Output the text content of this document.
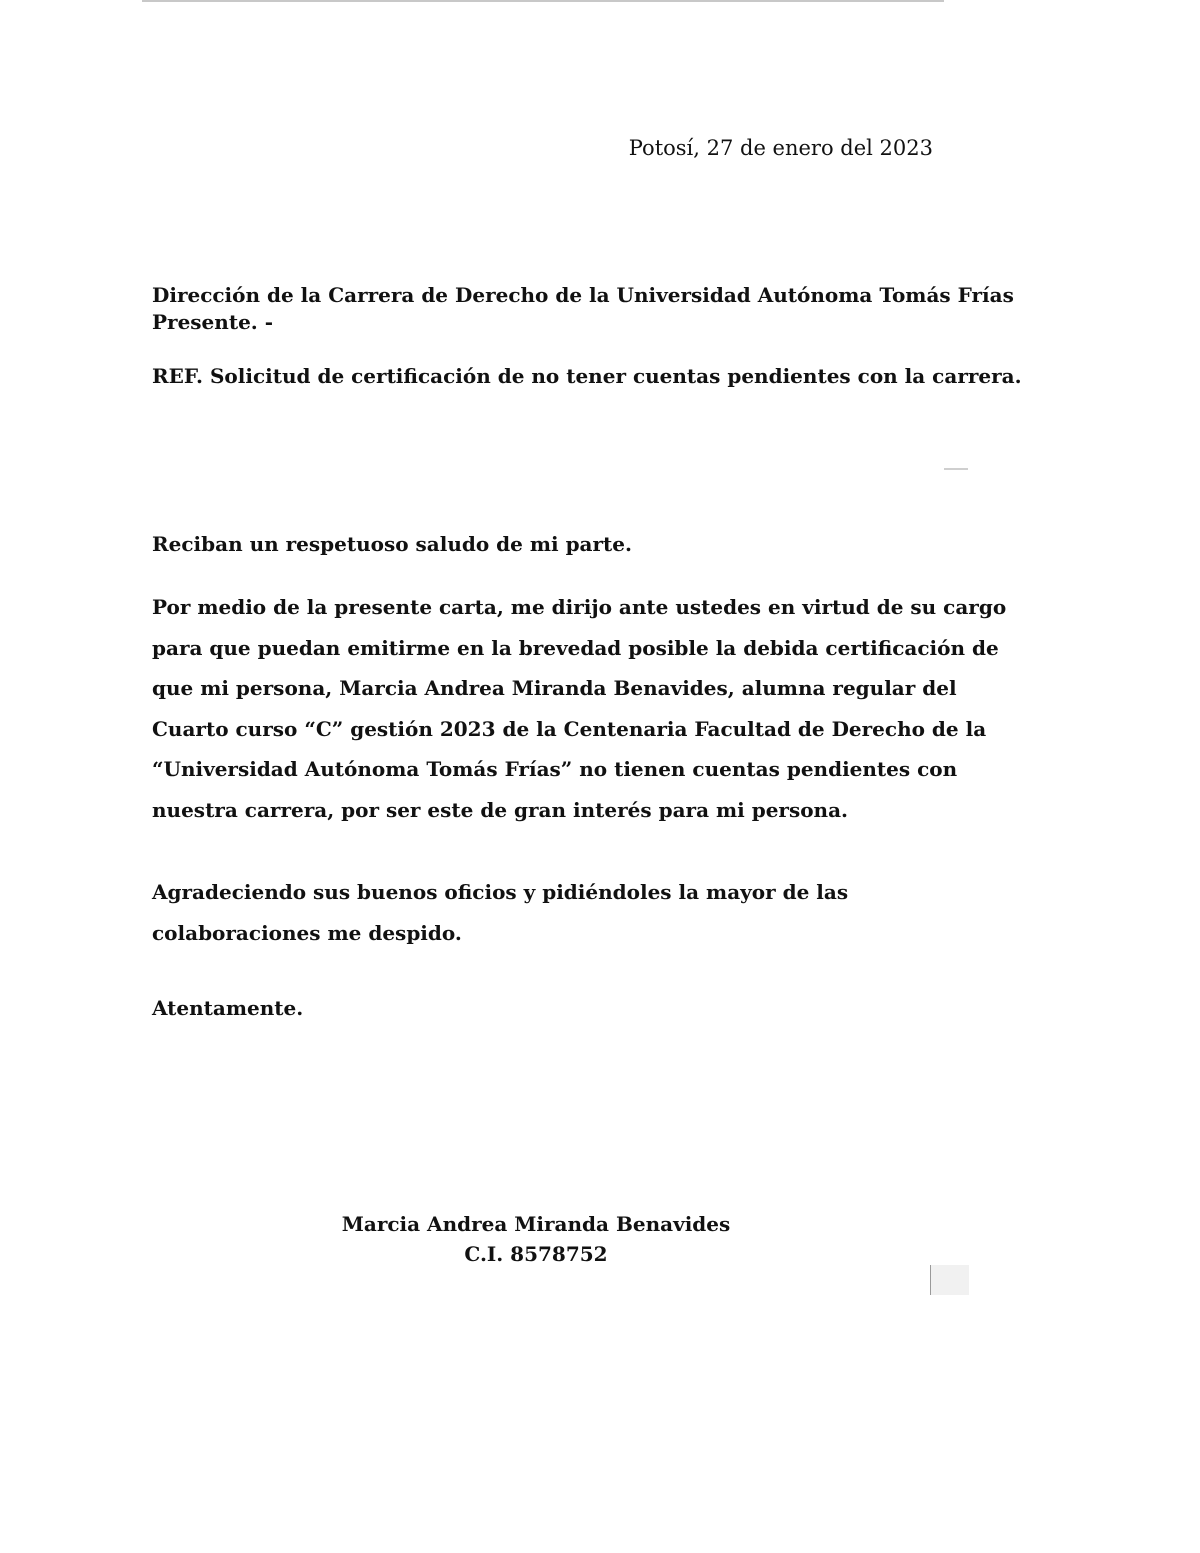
Potosí, 27 de enero del 2023
Dirección de la Carrera de Derecho de la Universidad Autónoma Tomás Frías
Presente. -
REF. Solicitud de certificación de no tener cuentas pendientes con la carrera.
Reciban un respetuoso saludo de mi parte.
Por medio de la presente carta, me dirijo ante ustedes en virtud de su cargo
para que puedan emitirme en la brevedad posible la debida certificación de
que mi persona, Marcia Andrea Miranda Benavides, alumna regular del
Cuarto curso “C” gestión 2023 de la Centenaria Facultad de Derecho de la
“Universidad Autónoma Tomás Frías” no tienen cuentas pendientes con
nuestra carrera, por ser este de gran interés para mi persona.
Agradeciendo sus buenos oficios y pidiéndoles la mayor de las
colaboraciones me despido.
Atentamente.
Marcia Andrea Miranda Benavides
C.I. 8578752
